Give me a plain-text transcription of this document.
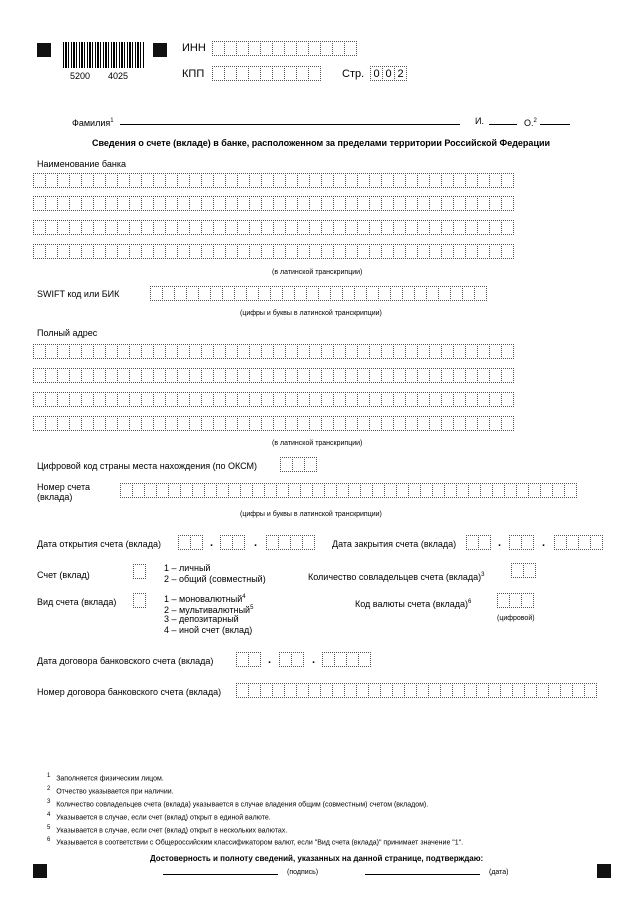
5200 4025
ИНН
КПП	Стр. 0 0 2
Фамилия$^1$	И.	О.$^2$
Сведения о счете (вкладе) в банке, расположенном за пределами территории Российской Федерации
Наименование банка
(в латинской транскрипции)
SWIFT код или БИК
(цифры и буквы в латинской транскрипции)
Полный адрес
(в латинской транскрипции)
Цифровой код страны места нахождения (по ОКСМ)
Номер счета
(вклада)
(цифры и буквы в латинской транскрипции)
Дата открытия счета (вклада)	.	.	Дата закрытия счета (вклада)	.	.
Счет (вклад)
1 – личный
2 – общий (совместный)	Количество совладельцев счета (вклада)$^3$
Вид счета (вклада)	1 – моновалютный$^4$
2 – мультивалютный$^5$
3 – депозитарный
4 – иной счет (вклад)
Код валюты счета (вклада)$^6$
(цифровой)
Дата договора банковского счета (вклада)	.	.
Номер договора банковского счета (вклада)
$^1$ Заполняется физическим лицом.
$^2$ Отчество указывается при наличии.
$^3$ Количество совладельцев счета (вклада) указывается в случае владения общим (совместным) счетом (вкладом).
$^4$ Указывается в случае, если счет (вклад) открыт в единой валюте.
$^5$ Указывается в случае, если счет (вклад) открыт в нескольких валютах.
$^6$ Указывается в соответствии с Общероссийским классификатором валют, если "Вид счета (вклада)" принимает значение "1".
Достоверность и полноту сведений, указанных на данной странице, подтверждаю:
(подпись)	(дата)
